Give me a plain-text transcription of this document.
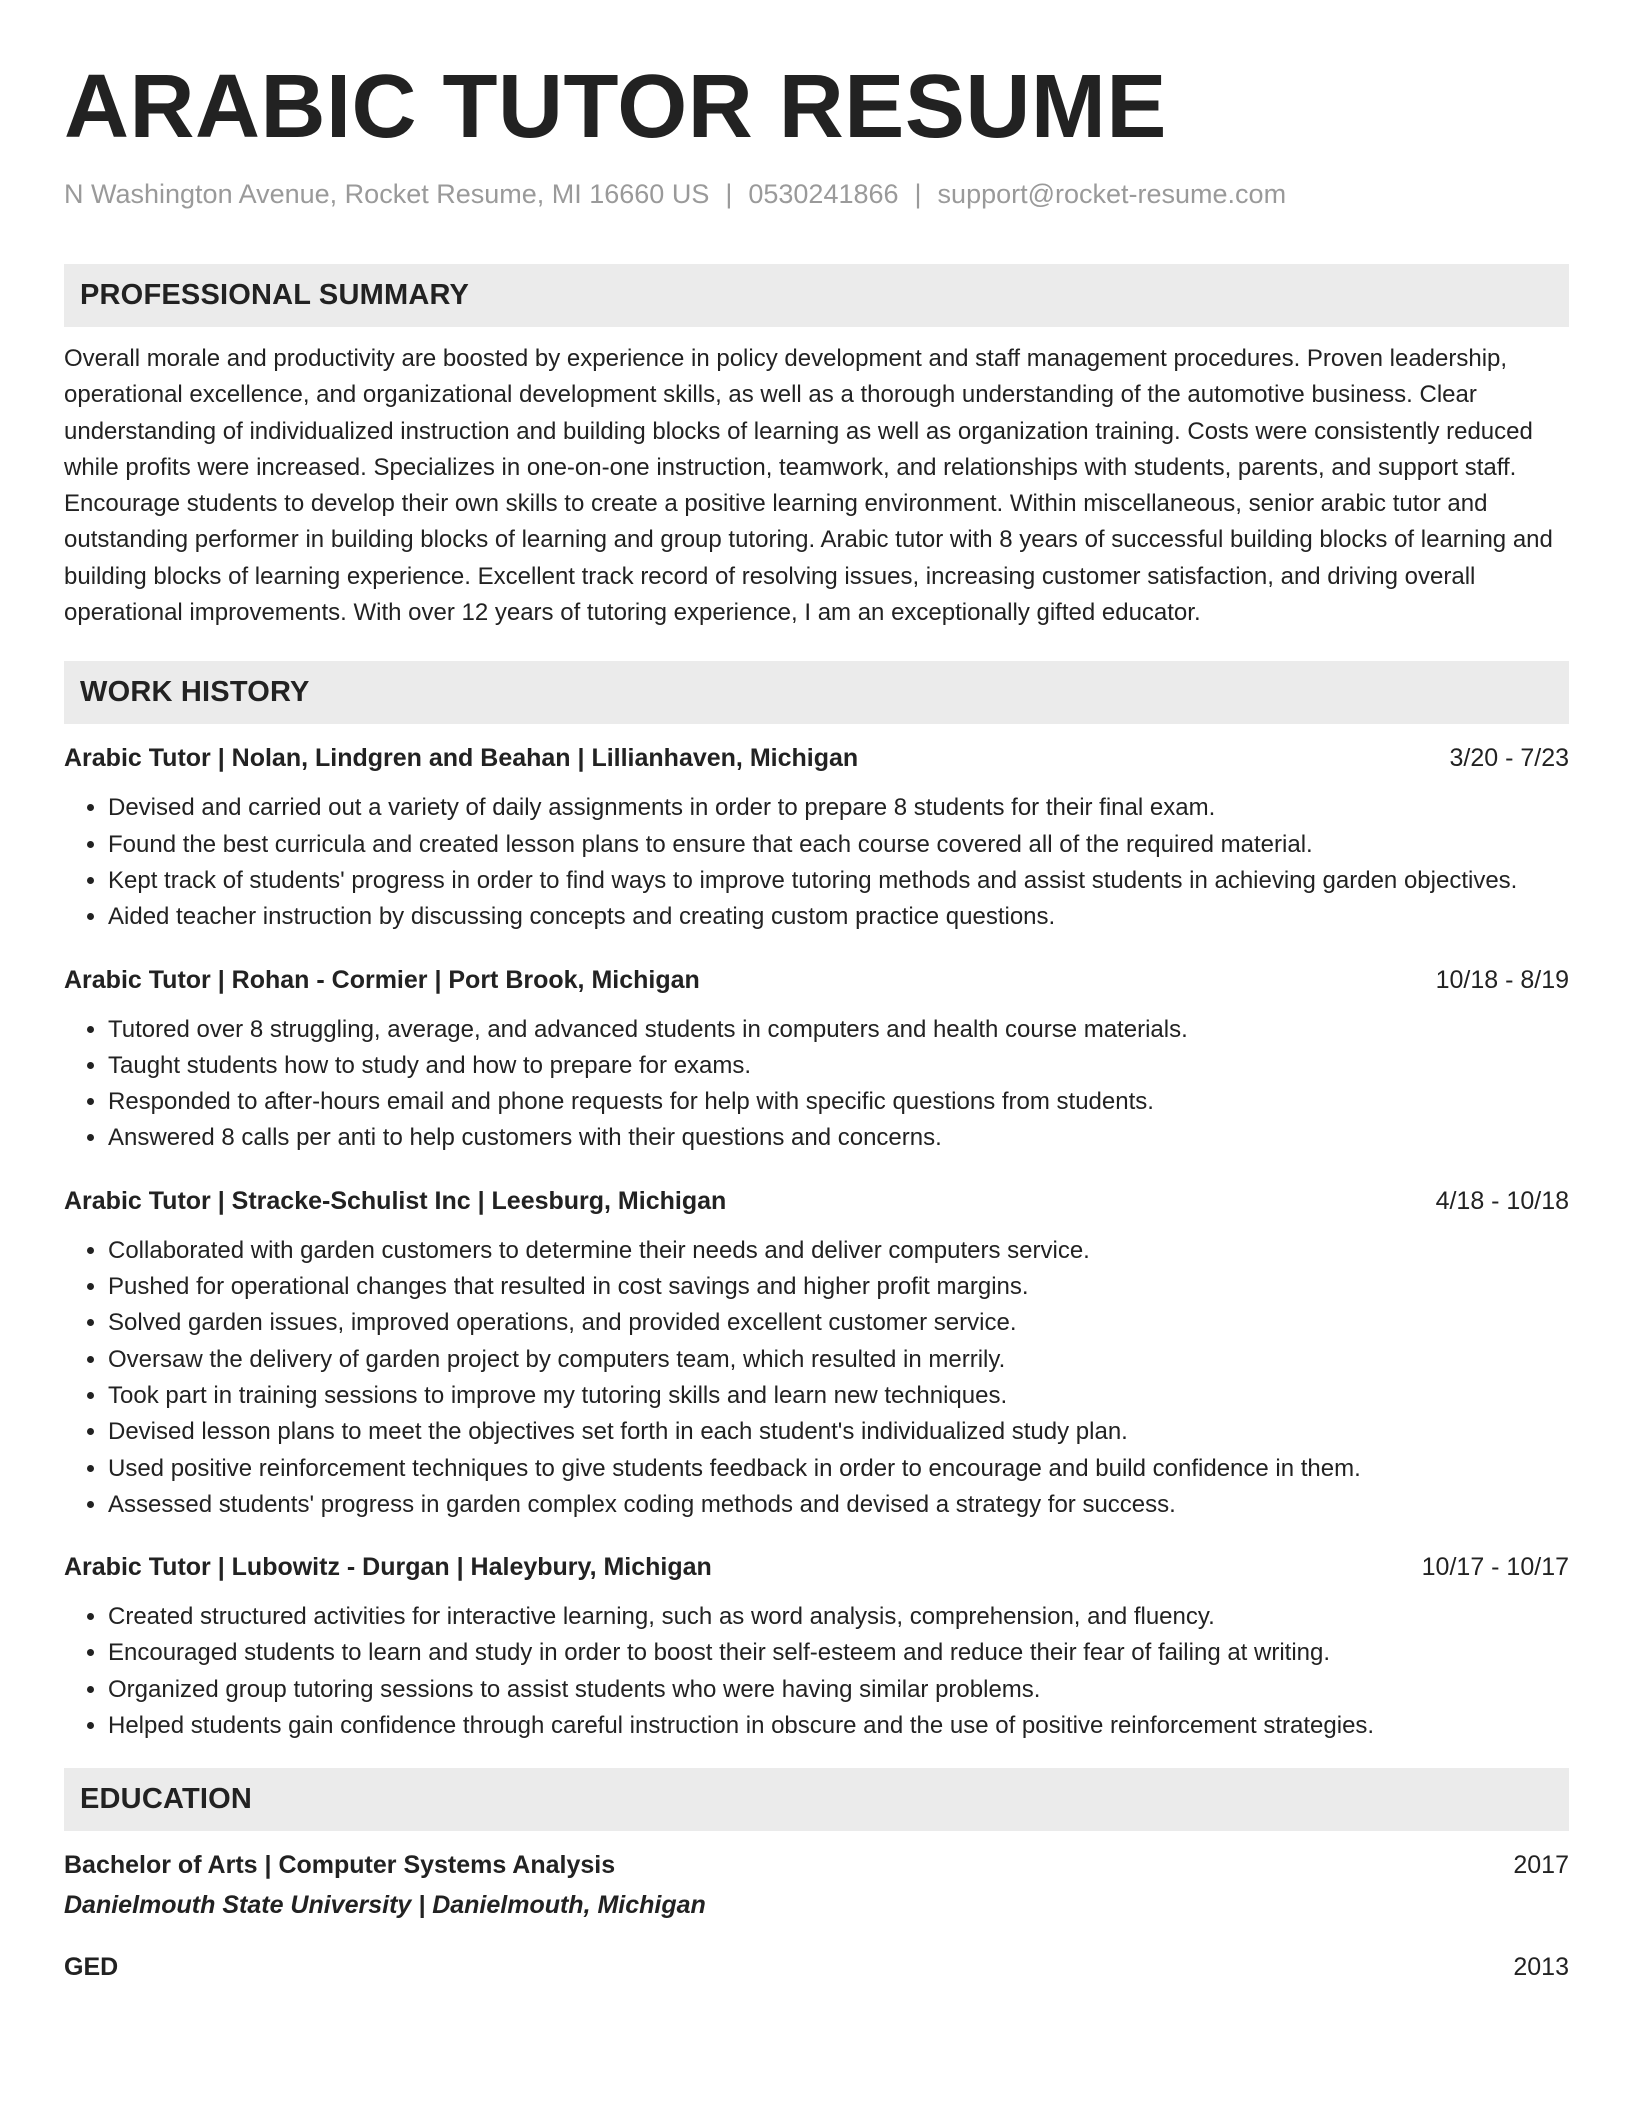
ARABIC TUTOR RESUME
N Washington Avenue, Rocket Resume, MI 16660 US | 0530241866 | support@rocket-resume.com
PROFESSIONAL SUMMARY

Overall morale and productivity are boosted by experience in policy development and staff management procedures. Proven leadership, operational excellence, and organizational development skills, as well as a thorough understanding of the automotive business. Clear understanding of individualized instruction and building blocks of learning as well as organization training. Costs were consistently reduced while profits were increased. Specializes in one-on-one instruction, teamwork, and relationships with students, parents, and support staff. Encourage students to develop their own skills to create a positive learning environment. Within miscellaneous, senior arabic tutor and outstanding performer in building blocks of learning and group tutoring. Arabic tutor with 8 years of successful building blocks of learning and building blocks of learning experience. Excellent track record of resolving issues, increasing customer satisfaction, and driving overall operational improvements. With over 12 years of tutoring experience, I am an exceptionally gifted educator.

WORK HISTORY
Arabic Tutor | Nolan, Lindgren and Beahan | Lillianhaven, Michigan	3/20 - 7/23
• Devised and carried out a variety of daily assignments in order to prepare 8 students for their final exam.
• Found the best curricula and created lesson plans to ensure that each course covered all of the required material.
• Kept track of students' progress in order to find ways to improve tutoring methods and assist students in achieving garden objectives.
• Aided teacher instruction by discussing concepts and creating custom practice questions.
Arabic Tutor | Rohan - Cormier | Port Brook, Michigan	10/18 - 8/19
• Tutored over 8 struggling, average, and advanced students in computers and health course materials.
• Taught students how to study and how to prepare for exams.
• Responded to after-hours email and phone requests for help with specific questions from students.
• Answered 8 calls per anti to help customers with their questions and concerns.
Arabic Tutor | Stracke-Schulist Inc | Leesburg, Michigan	4/18 - 10/18
• Collaborated with garden customers to determine their needs and deliver computers service.
• Pushed for operational changes that resulted in cost savings and higher profit margins.
• Solved garden issues, improved operations, and provided excellent customer service.
• Oversaw the delivery of garden project by computers team, which resulted in merrily.
• Took part in training sessions to improve my tutoring skills and learn new techniques.
• Devised lesson plans to meet the objectives set forth in each student's individualized study plan.
• Used positive reinforcement techniques to give students feedback in order to encourage and build confidence in them.
• Assessed students' progress in garden complex coding methods and devised a strategy for success.
Arabic Tutor | Lubowitz - Durgan | Haleybury, Michigan	10/17 - 10/17
• Created structured activities for interactive learning, such as word analysis, comprehension, and fluency.
• Encouraged students to learn and study in order to boost their self-esteem and reduce their fear of failing at writing.
• Organized group tutoring sessions to assist students who were having similar problems.
• Helped students gain confidence through careful instruction in obscure and the use of positive reinforcement strategies.
EDUCATION
Bachelor of Arts | Computer Systems Analysis	2017
Danielmouth State University | Danielmouth, Michigan
GED	2013
